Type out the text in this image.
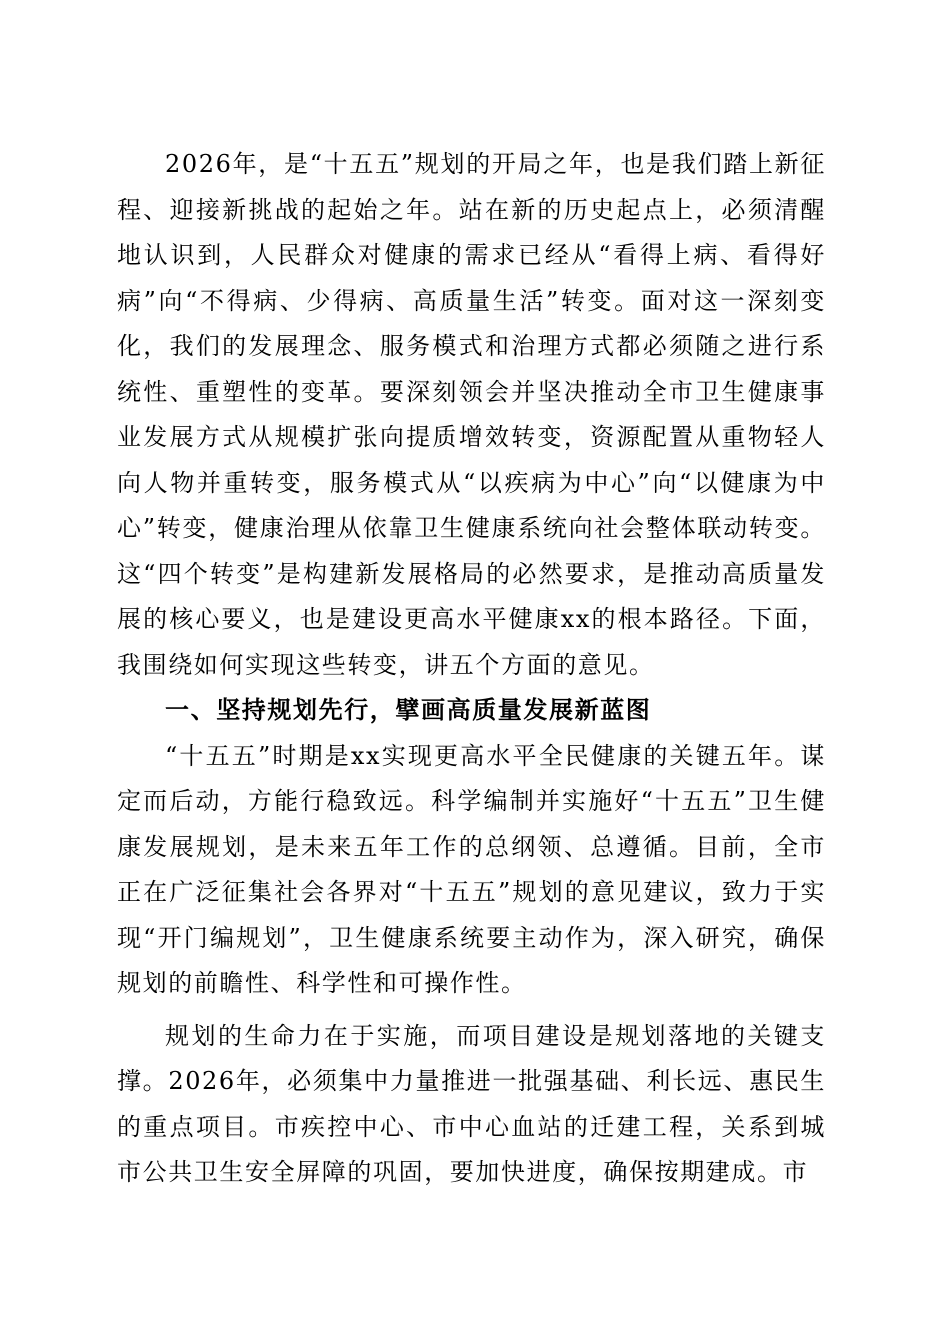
2026年，是“十五五”规划的开局之年，也是我们踏上新征程、迎接新挑战的起始之年。站在新的历史起点上，必须清醒地认识到，人民群众对健康的需求已经从“看得上病、看得好病”向“不得病、少得病、高质量生活”转变。面对这一深刻变化，我们的发展理念、服务模式和治理方式都必须随之进行系统性、重塑性的变革。要深刻领会并坚决推动全市卫生健康事业发展方式从规模扩张向提质增效转变，资源配置从重物轻人向人物并重转变，服务模式从“以疾病为中心”向“以健康为中心”转变，健康治理从依靠卫生健康系统向社会整体联动转变。这“四个转变”是构建新发展格局的必然要求，是推动高质量发展的核心要义，也是建设更高水平健康xx的根本路径。下面，我围绕如何实现这些转变，讲五个方面的意见。

一、坚持规划先行，擘画高质量发展新蓝图

“十五五”时期是xx实现更高水平全民健康的关键五年。谋定而后动，方能行稳致远。科学编制并实施好“十五五”卫生健康发展规划，是未来五年工作的总纲领、总遵循。目前，全市正在广泛征集社会各界对“十五五”规划的意见建议，致力于实现“开门编规划”，卫生健康系统要主动作为，深入研究，确保规划的前瞻性、科学性和可操作性。

规划的生命力在于实施，而项目建设是规划落地的关键支撑。2026年，必须集中力量推进一批强基础、利长远、惠民生的重点项目。市疾控中心、市中心血站的迁建工程，关系到城市公共卫生安全屏障的巩固，要加快进度，确保按期建成。市
